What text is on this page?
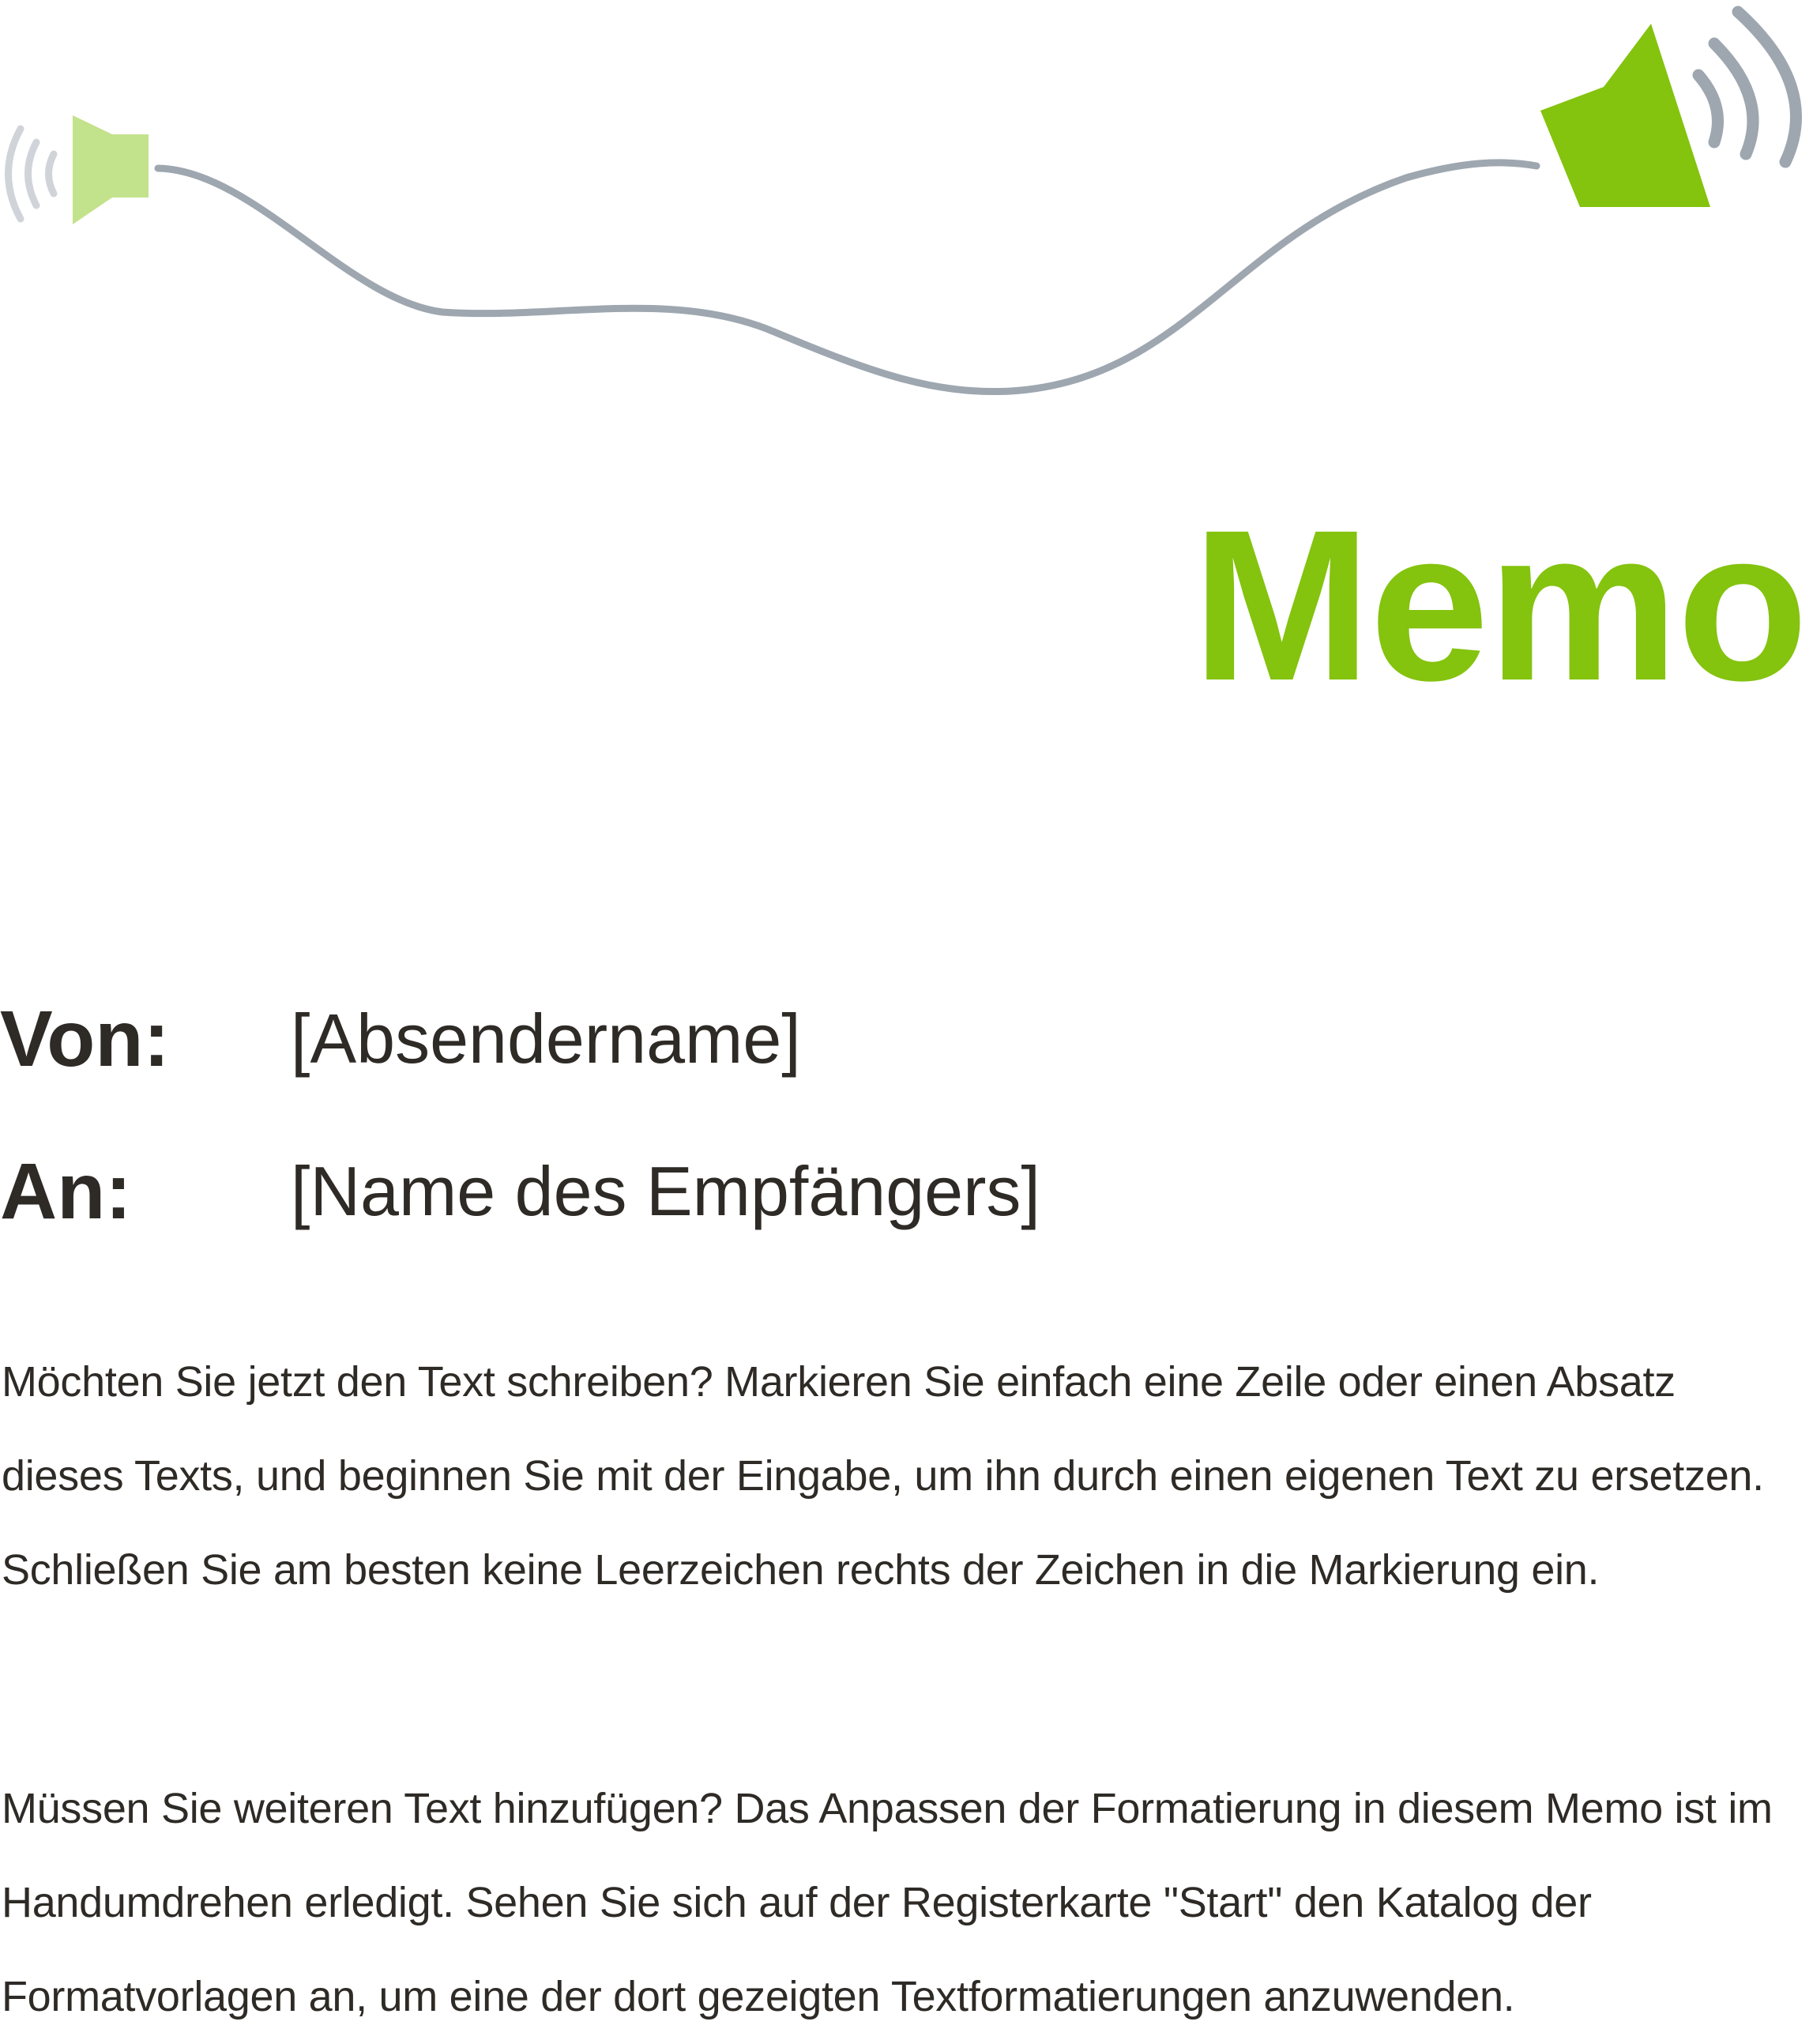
Memo
Von: [Absendername]
An: [Name des Empfängers]

Möchten Sie jetzt den Text schreiben? Markieren Sie einfach eine Zeile oder einen Absatz dieses Texts, und beginnen Sie mit der Eingabe, um ihn durch einen eigenen Text zu ersetzen. Schließen Sie am besten keine Leerzeichen rechts der Zeichen in die Markierung ein.

Müssen Sie weiteren Text hinzufügen? Das Anpassen der Formatierung in diesem Memo ist im Handumdrehen erledigt. Sehen Sie sich auf der Registerkarte "Start" den Katalog der Formatvorlagen an, um eine der dort gezeigten Textformatierungen anzuwenden.
